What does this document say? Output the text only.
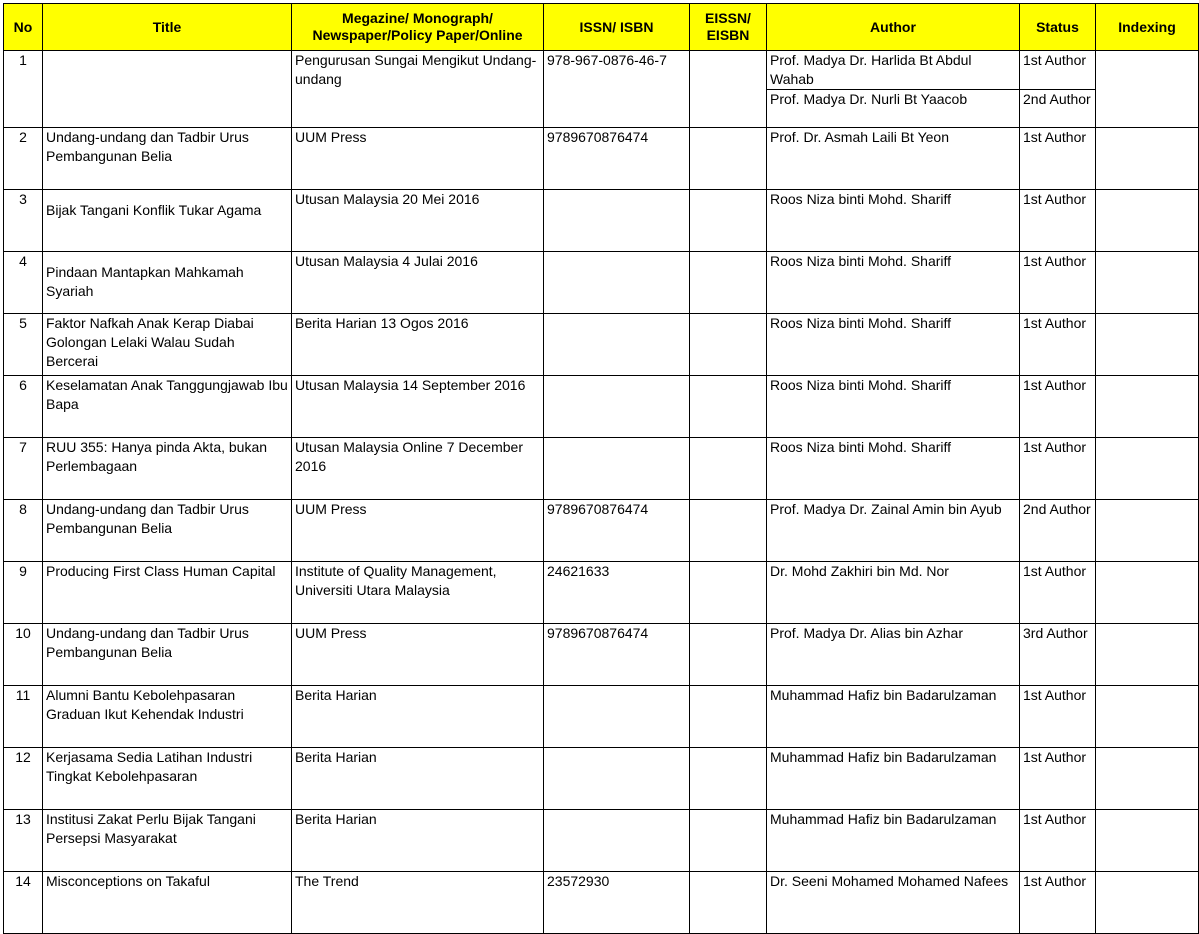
No	Title	Megazine/ Monograph/ Newspaper/Policy Paper/Online	ISSN/ ISBN	EISSN/ EISBN	Author	Status	Indexing
1		Pengurusan Sungai Mengikut Undang-undang	978-967-0876-46-7		Prof. Madya Dr. Harlida Bt Abdul Wahab	1st Author	
					Prof. Madya Dr. Nurli Bt Yaacob	2nd Author	
2	Undang-undang dan Tadbir Urus Pembangunan Belia	UUM Press	9789670876474		Prof. Dr. Asmah Laili Bt Yeon	1st Author	
3	Bijak Tangani Konflik Tukar Agama	Utusan Malaysia 20 Mei 2016			Roos Niza binti Mohd. Shariff	1st Author	
4	Pindaan Mantapkan Mahkamah Syariah	Utusan Malaysia 4 Julai 2016			Roos Niza binti Mohd. Shariff	1st Author	
5	Faktor Nafkah Anak Kerap Diabai Golongan Lelaki Walau Sudah Bercerai	Berita Harian 13 Ogos 2016			Roos Niza binti Mohd. Shariff	1st Author	
6	Keselamatan Anak Tanggungjawab Ibu Bapa	Utusan Malaysia 14 September 2016			Roos Niza binti Mohd. Shariff	1st Author	
7	RUU 355: Hanya pinda Akta, bukan Perlembagaan	Utusan Malaysia Online 7 December 2016			Roos Niza binti Mohd. Shariff	1st Author	
8	Undang-undang dan Tadbir Urus Pembangunan Belia	UUM Press	9789670876474		Prof. Madya Dr. Zainal Amin bin Ayub	2nd Author	
9	Producing First Class Human Capital	Institute of Quality Management, Universiti Utara Malaysia	24621633		Dr. Mohd Zakhiri bin Md. Nor	1st Author	
10	Undang-undang dan Tadbir Urus Pembangunan Belia	UUM Press	9789670876474		Prof. Madya Dr. Alias bin Azhar	3rd Author	
11	Alumni Bantu Kebolehpasaran Graduan Ikut Kehendak Industri	Berita Harian			Muhammad Hafiz bin Badarulzaman	1st Author	
12	Kerjasama Sedia Latihan Industri Tingkat Kebolehpasaran	Berita Harian			Muhammad Hafiz bin Badarulzaman	1st Author	
13	Institusi Zakat Perlu Bijak Tangani Persepsi Masyarakat	Berita Harian			Muhammad Hafiz bin Badarulzaman	1st Author	
14	Misconceptions on Takaful	The Trend	23572930		Dr. Seeni Mohamed Mohamed Nafees	1st Author	
